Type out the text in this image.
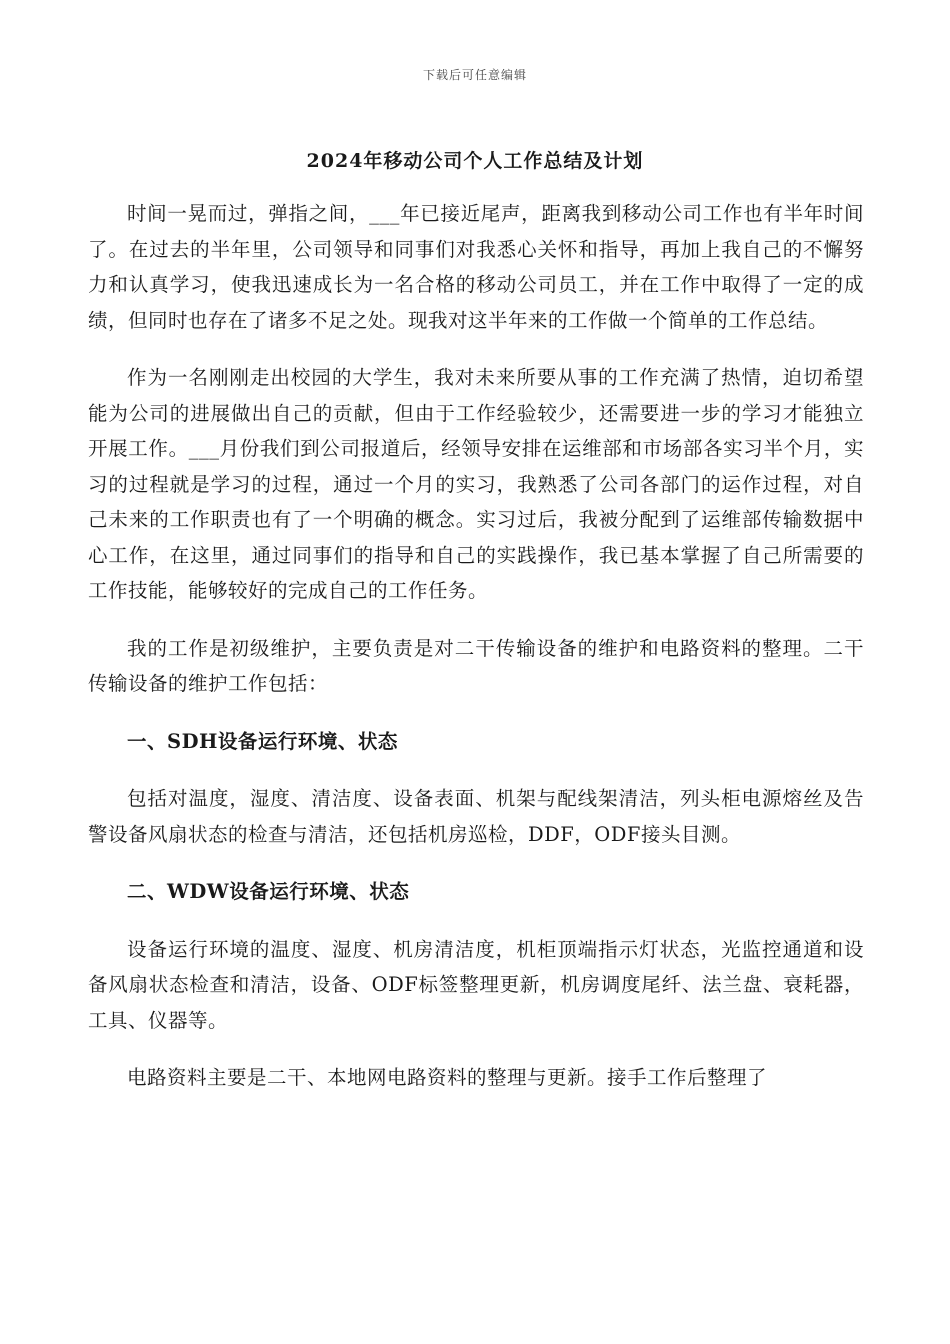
下载后可任意编辑
2024年移动公司个人工作总结及计划

时间一晃而过，弹指之间，___年已接近尾声，距离我到移动公司工作也有半年时间了。在过去的半年里，公司领导和同事们对我悉心关怀和指导，再加上我自己的不懈努力和认真学习，使我迅速成长为一名合格的移动公司员工，并在工作中取得了一定的成绩，但同时也存在了诸多不足之处。现我对这半年来的工作做一个简单的工作总结。

作为一名刚刚走出校园的大学生，我对未来所要从事的工作充满了热情，迫切希望能为公司的进展做出自己的贡献，但由于工作经验较少，还需要进一步的学习才能独立开展工作。___月份我们到公司报道后，经领导安排在运维部和市场部各实习半个月，实习的过程就是学习的过程，通过一个月的实习，我熟悉了公司各部门的运作过程，对自己未来的工作职责也有了一个明确的概念。实习过后，我被分配到了运维部传输数据中心工作，在这里，通过同事们的指导和自己的实践操作，我已基本掌握了自己所需要的工作技能，能够较好的完成自己的工作任务。

我的工作是初级维护，主要负责是对二干传输设备的维护和电路资料的整理。二干传输设备的维护工作包括：

一、SDH设备运行环境、状态

包括对温度，湿度、清洁度、设备表面、机架与配线架清洁，列头柜电源熔丝及告警设备风扇状态的检查与清洁，还包括机房巡检，DDF，ODF接头目测。

二、WDW设备运行环境、状态

设备运行环境的温度、湿度、机房清洁度，机柜顶端指示灯状态，光监控通道和设备风扇状态检查和清洁，设备、ODF标签整理更新，机房调度尾纤、法兰盘、衰耗器，工具、仪器等。

电路资料主要是二干、本地网电路资料的整理与更新。接手工作后整理了
